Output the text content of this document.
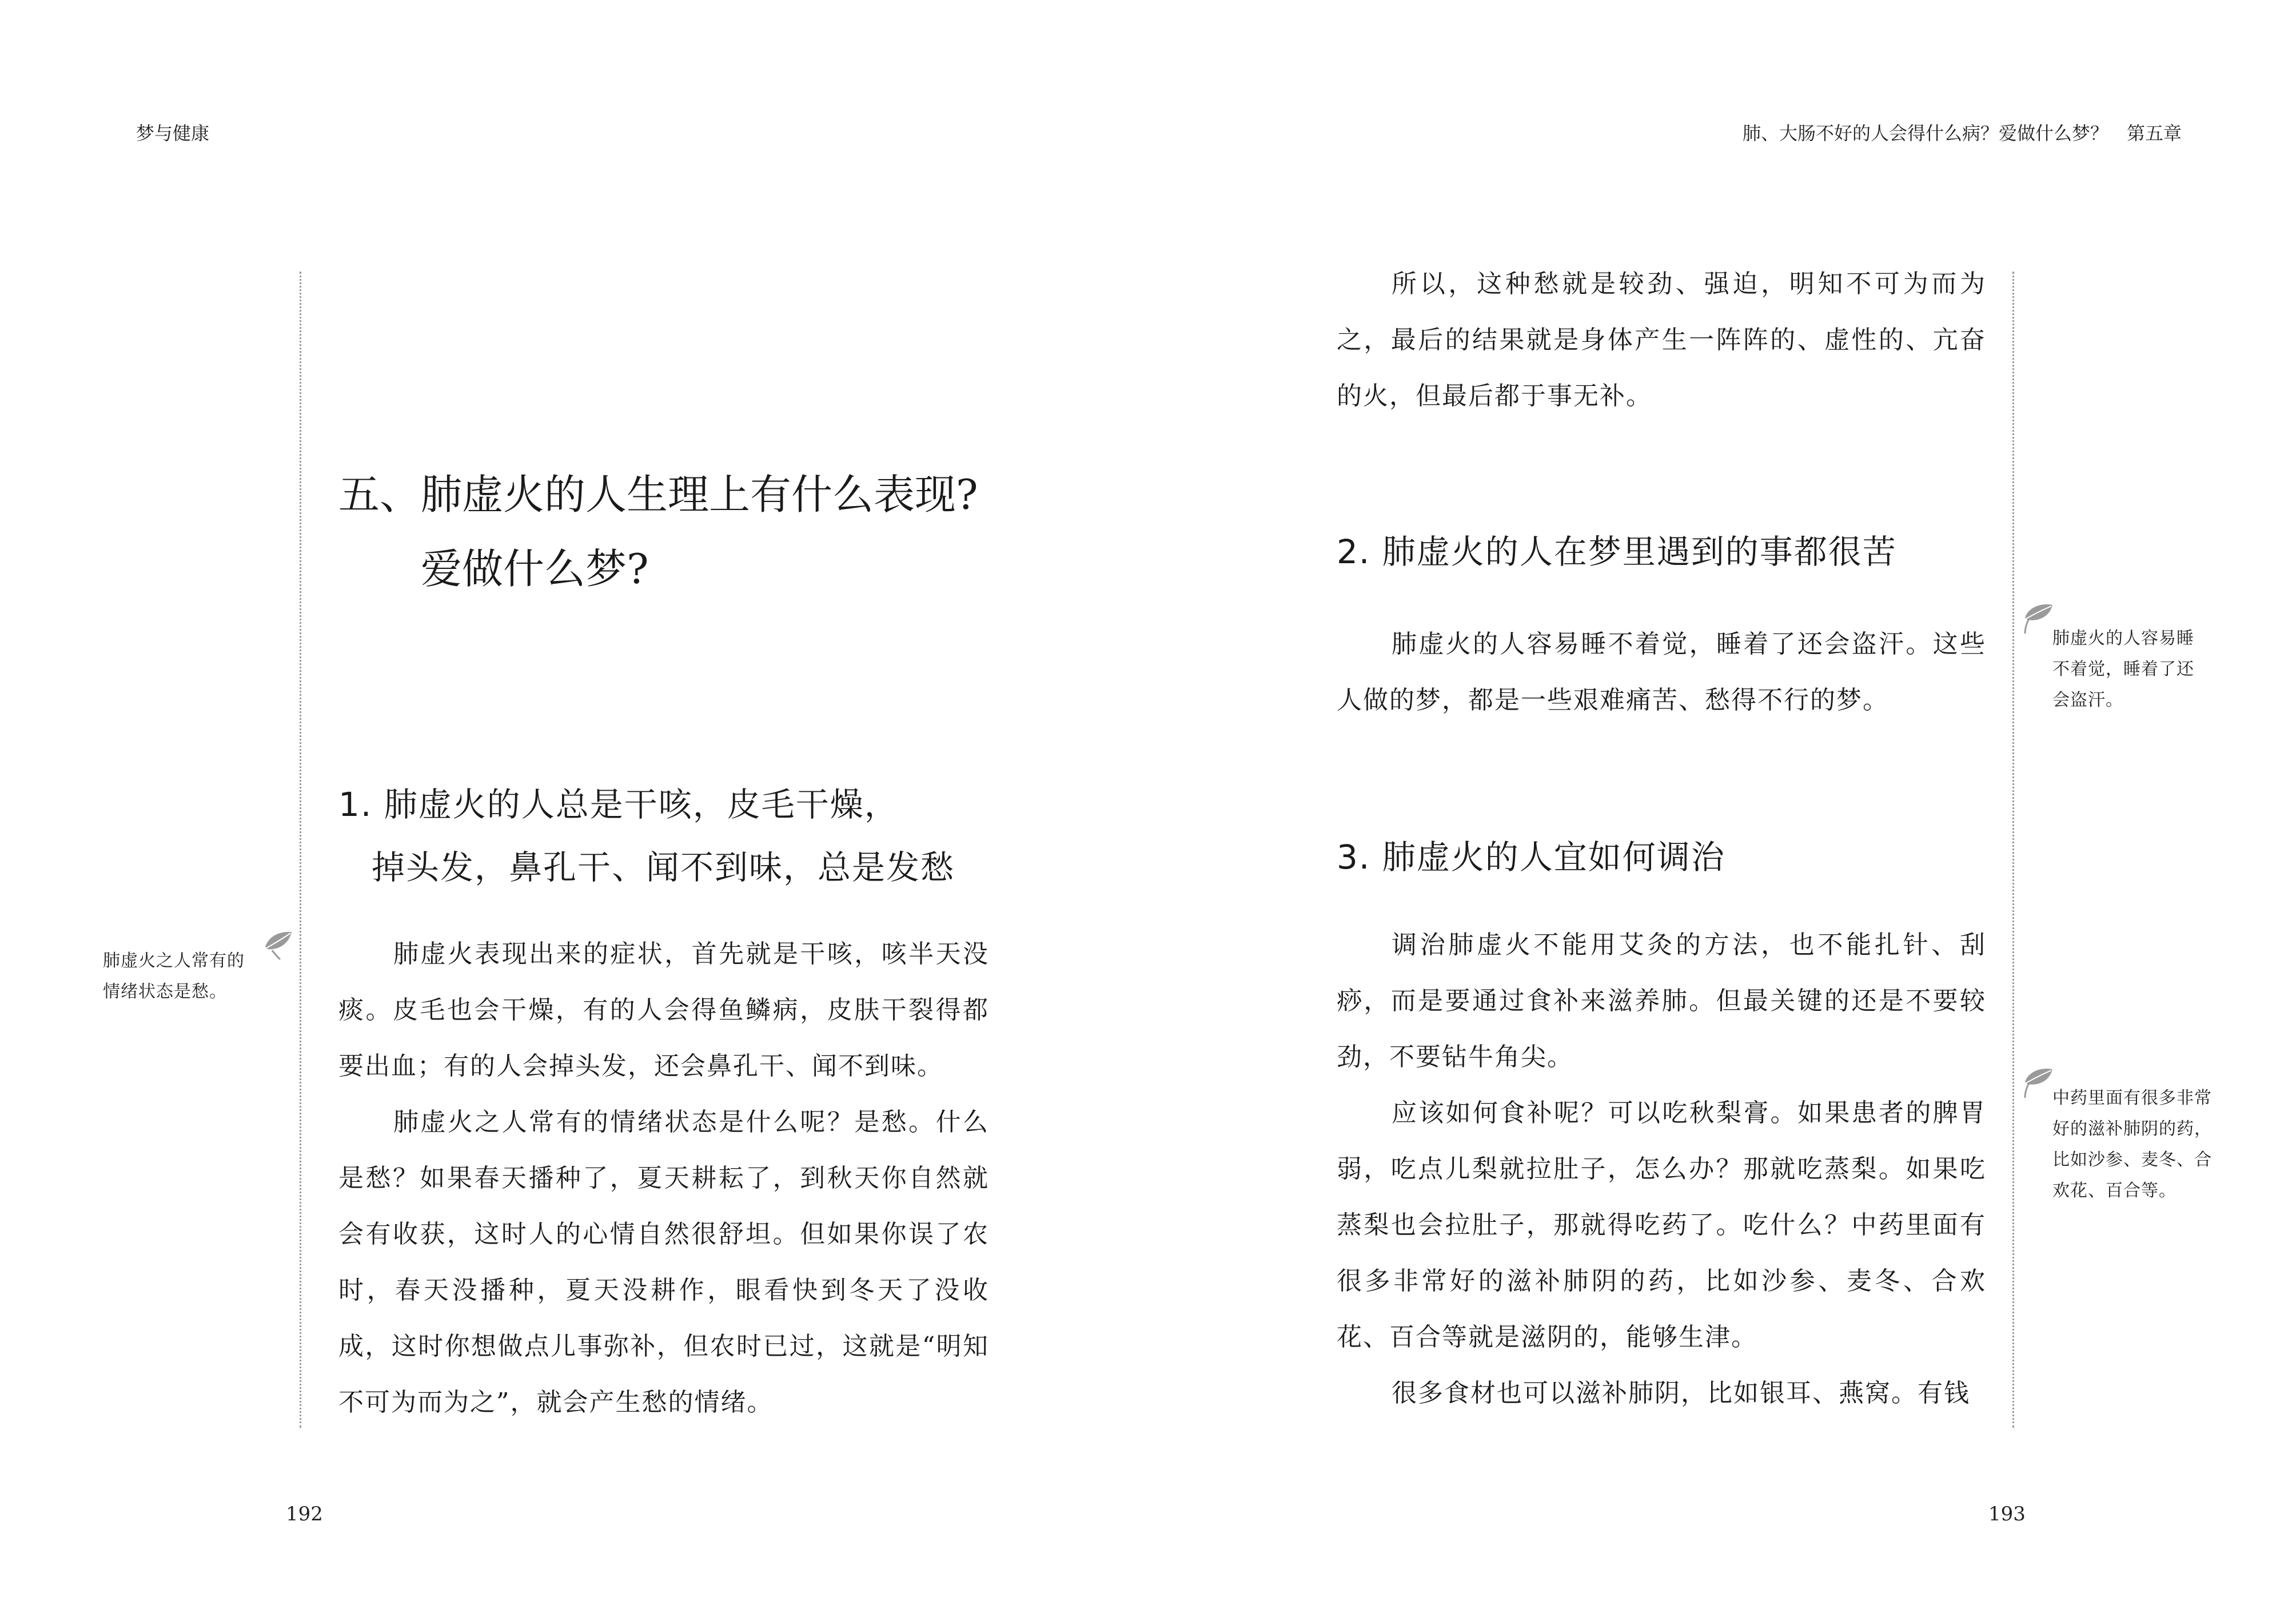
梦与健康
五、肺虚火的人生理上有什么表现?
爱做什么梦?
1. 肺虚火的人总是干咳，皮毛干燥，
掉头发，鼻孔干、闻不到味，总是发愁

肺虚火表现出来的症状，首先就是干咳，咳半天没痰。皮毛也会干燥，有的人会得鱼鳞病，皮肤干裂得都要出血；有的人会掉头发，还会鼻孔干、闻不到味。

肺虚火之人常有的情绪状态是什么呢？是愁。什么是愁？如果春天播种了，夏天耕耘了，到秋天你自然就会有收获，这时人的心情自然很舒坦。但如果你误了农时，春天没播种，夏天没耕作，眼看快到冬天了没收成，这时你想做点儿事弥补，但农时已过，这就是“明知不可为而为之”，就会产生愁的情绪。

肺虚火之人常有的
情绪状态是愁。
192
肺、大肠不好的人会得什么病？爱做什么梦？　第五章

所以，这种愁就是较劲、强迫，明知不可为而为之，最后的结果就是身体产生一阵阵的、虚性的、亢奋的火，但最后都于事无补。

2. 肺虚火的人在梦里遇到的事都很苦

肺虚火的人容易睡不着觉，睡着了还会盗汗。这些人做的梦，都是一些艰难痛苦、愁得不行的梦。

3. 肺虚火的人宜如何调治

调治肺虚火不能用艾灸的方法，也不能扎针、刮痧，而是要通过食补来滋养肺。但最关键的还是不要较劲，不要钻牛角尖。

应该如何食补呢？可以吃秋梨膏。如果患者的脾胃弱，吃点儿梨就拉肚子，怎么办？那就吃蒸梨。如果吃蒸梨也会拉肚子，那就得吃药了。吃什么？中药里面有很多非常好的滋补肺阴的药，比如沙参、麦冬、合欢花、百合等就是滋阴的，能够生津。

很多食材也可以滋补肺阴，比如银耳、燕窝。有钱

肺虚火的人容易睡
不着觉，睡着了还
会盗汗。
中药里面有很多非常
好的滋补肺阴的药，
比如沙参、麦冬、合
欢花、百合等。
193
